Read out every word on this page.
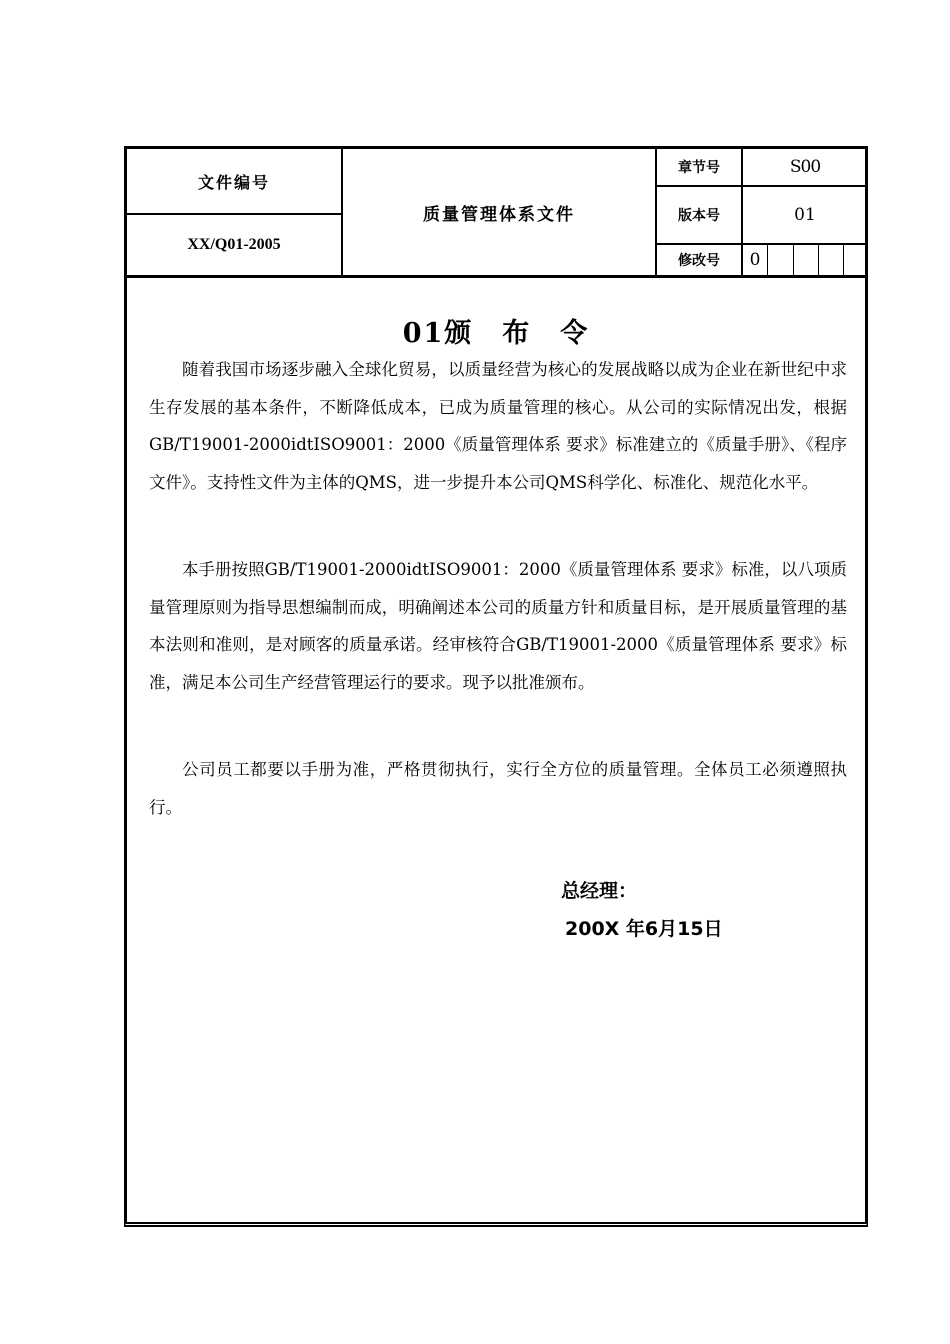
文件编号
XX/Q01-2005
质量管理体系文件
章节号
版本号
修改号
S00
01
0
01颁　布　令
随着我国市场逐步融入全球化贸易，以质量经营为核心的发展战略以成为企业在新世纪中求生存发展的基本条件，不断降低成本，已成为质量管理的核心。从公司的实际情况出发，根据GB/T19001-2000idtISO9001：2000《质量管理体系 要求》标准建立的《质量手册》、《程序文件》。支持性文件为主体的QMS，进一步提升本公司QMS科学化、标准化、规范化水平。
本手册按照GB/T19001-2000idtISO9001：2000《质量管理体系 要求》标准，以八项质量管理原则为指导思想编制而成，明确阐述本公司的质量方针和质量目标，是开展质量管理的基本法则和准则，是对顾客的质量承诺。经审核符合GB/T19001-2000《质量管理体系 要求》标准，满足本公司生产经营管理运行的要求。现予以批准颁布。
公司员工都要以手册为准，严格贯彻执行，实行全方位的质量管理。全体员工必须遵照执行。
总经理：
200X 年6月15日
